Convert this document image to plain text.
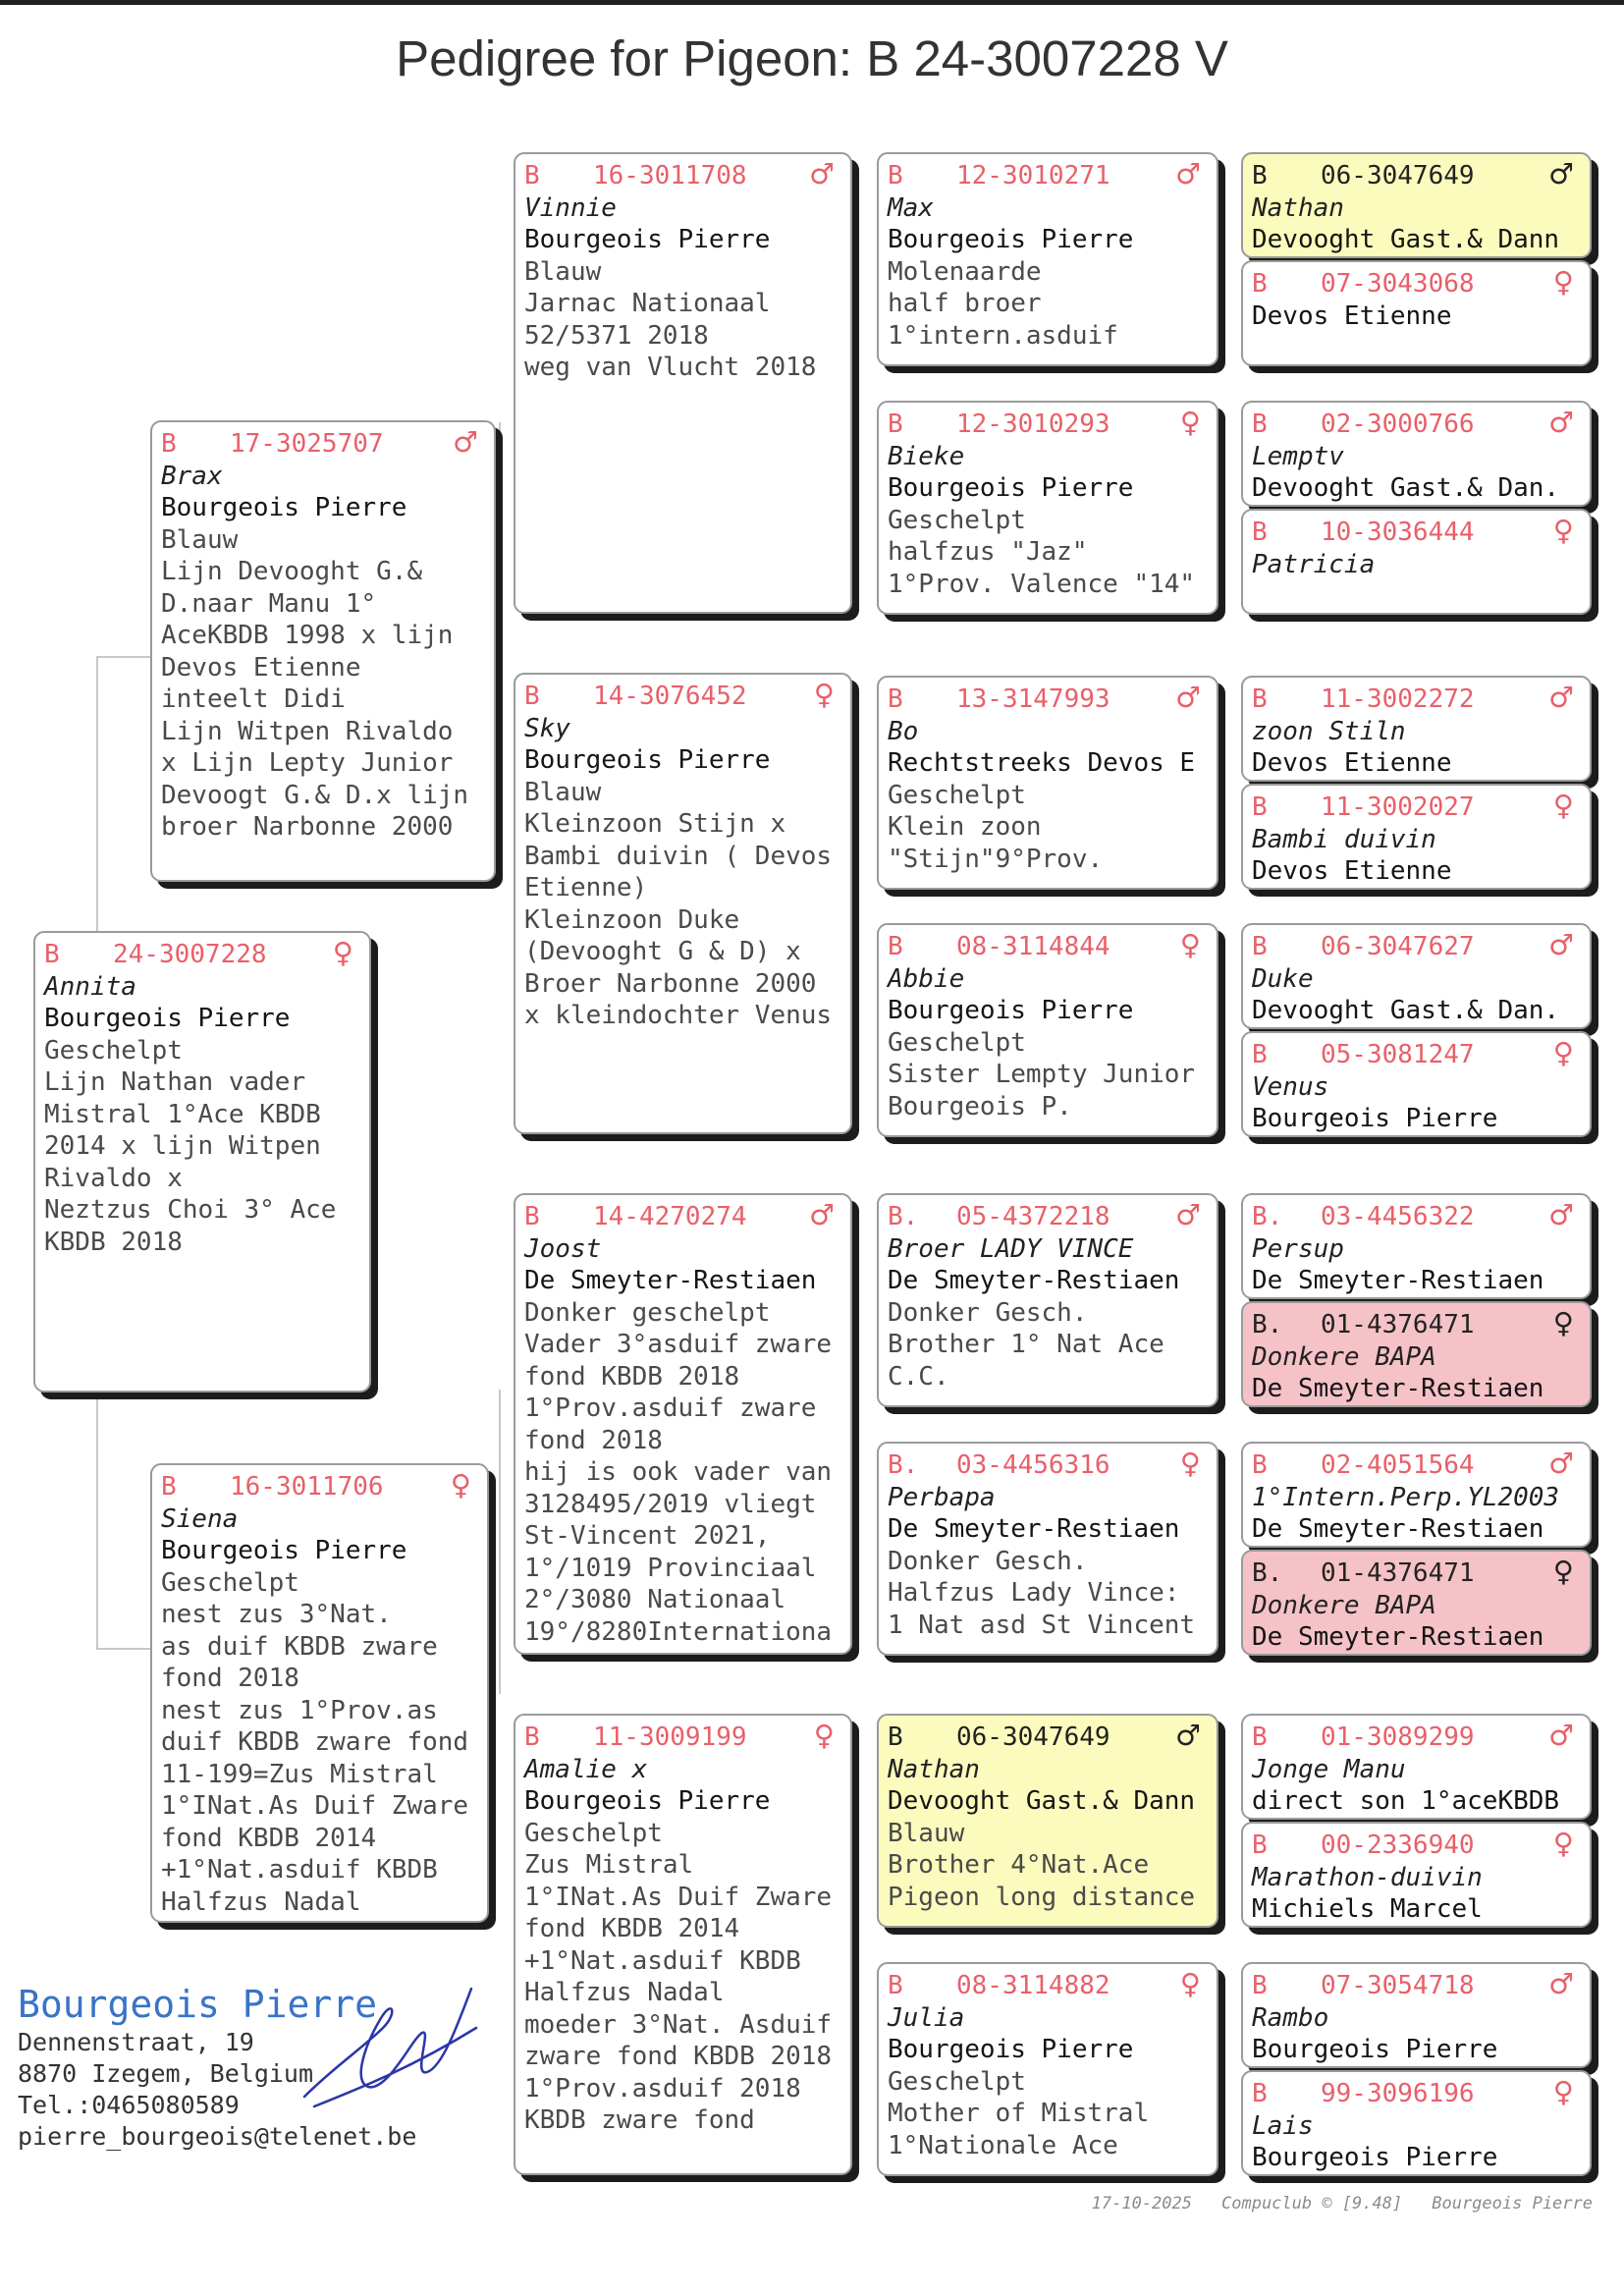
Pedigree for Pigeon: B 24-3007228 V
B 24-3007228 ♀
Annita
Bourgeois Pierre
Geschelpt
Lijn Nathan vader
Mistral 1°Ace KBDB
2014 x lijn Witpen
Rivaldo x
Neztzus Choi 3° Ace
KBDB 2018
B 17-3025707 ♂
Brax
Bourgeois Pierre
Blauw
Lijn Devooght G.&
D.naar Manu 1°
AceKBDB 1998 x lijn
Devos Etienne
inteelt Didi
Lijn Witpen Rivaldo
x Lijn Lepty Junior
Devoogt G.& D.x lijn
broer Narbonne 2000
B 16-3011706 ♀
Siena
Bourgeois Pierre
Geschelpt
nest zus 3°Nat.
as duif KBDB zware
fond 2018
nest zus 1°Prov.as
duif KBDB zware fond
11-199=Zus Mistral
1°INat.As Duif Zware
fond KBDB 2014
+1°Nat.asduif KBDB
Halfzus Nadal
B 16-3011708 ♂
Vinnie
Bourgeois Pierre
Blauw
Jarnac Nationaal
52/5371 2018
weg van Vlucht 2018
B 14-3076452 ♀
Sky
Bourgeois Pierre
Blauw
Kleinzoon Stijn x
Bambi duivin ( Devos
Etienne)
Kleinzoon Duke
(Devooght G & D) x
Broer Narbonne 2000
x kleindochter Venus
B 14-4270274 ♂
Joost
De Smeyter-Restiaen
Donker geschelpt
Vader 3°asduif zware
fond KBDB 2018
1°Prov.asduif zware
fond 2018
hij is ook vader van
3128495/2019 vliegt
St-Vincent 2021,
1°/1019 Provinciaal
2°/3080 Nationaal
19°/8280Internationa
B 11-3009199 ♀
Amalie x
Bourgeois Pierre
Geschelpt
Zus Mistral
1°INat.As Duif Zware
fond KBDB 2014
+1°Nat.asduif KBDB
Halfzus Nadal
moeder 3°Nat. Asduif
zware fond KBDB 2018
1°Prov.asduif 2018
KBDB zware fond
B 12-3010271 ♂
Max
Bourgeois Pierre
Molenaarde
half broer
1°intern.asduif
B 12-3010293 ♀
Bieke
Bourgeois Pierre
Geschelpt
halfzus "Jaz"
1°Prov. Valence "14"
B 13-3147993 ♂
Bo
Rechtstreeks Devos E
Geschelpt
Klein zoon
"Stijn"9°Prov.
B 08-3114844 ♀
Abbie
Bourgeois Pierre
Geschelpt
Sister Lempty Junior
Bourgeois P.
B. 05-4372218 ♂
Broer LADY VINCE
De Smeyter-Restiaen
Donker Gesch.
Brother 1° Nat Ace
C.C.
B. 03-4456316 ♀
Perbapa
De Smeyter-Restiaen
Donker Gesch.
Halfzus Lady Vince:
1 Nat asd St Vincent
B 06-3047649 ♂
Nathan
Devooght Gast.& Dann
Blauw
Brother 4°Nat.Ace
Pigeon long distance
B 08-3114882 ♀
Julia
Bourgeois Pierre
Geschelpt
Mother of Mistral
1°Nationale Ace
B 06-3047649	♂
Nathan
Devooght Gast.& Dann
B 07-3043068	♀
Devos Etienne
B 02-3000766	♂
Lemptv
Devooght Gast.& Dan.
B 10-3036444	♀
Patricia
B 11-3002272	♂
zoon Stiln
Devos Etienne
B 11-3002027	♀
Bambi duivin
Devos Etienne
B 06-3047627	♂
Duke
Devooght Gast.& Dan.
B 05-3081247	♀
Venus
Bourgeois Pierre
B. 03-4456322	♂
Persup
De Smeyter-Restiaen
B. 01-4376471	♀
Donkere BAPA
De Smeyter-Restiaen
B 02-4051564	♂
1°Intern.Perp.YL2003
De Smeyter-Restiaen
B. 01-4376471	♀
Donkere BAPA
De Smeyter-Restiaen
B 01-3089299	♂
Jonge Manu
direct son 1°aceKBDB
B 00-2336940	♀
Marathon-duivin
Michiels Marcel
B 07-3054718	♂
Rambo
Bourgeois Pierre
B 99-3096196	♀
Lais
Bourgeois Pierre
Bourgeois Pierre
Dennenstraat, 19
8870 Izegem, Belgium
Tel.:0465080589
pierre_bourgeois@telenet.be
17-10-2025 Compuclub © [9.48] Bourgeois Pierre
